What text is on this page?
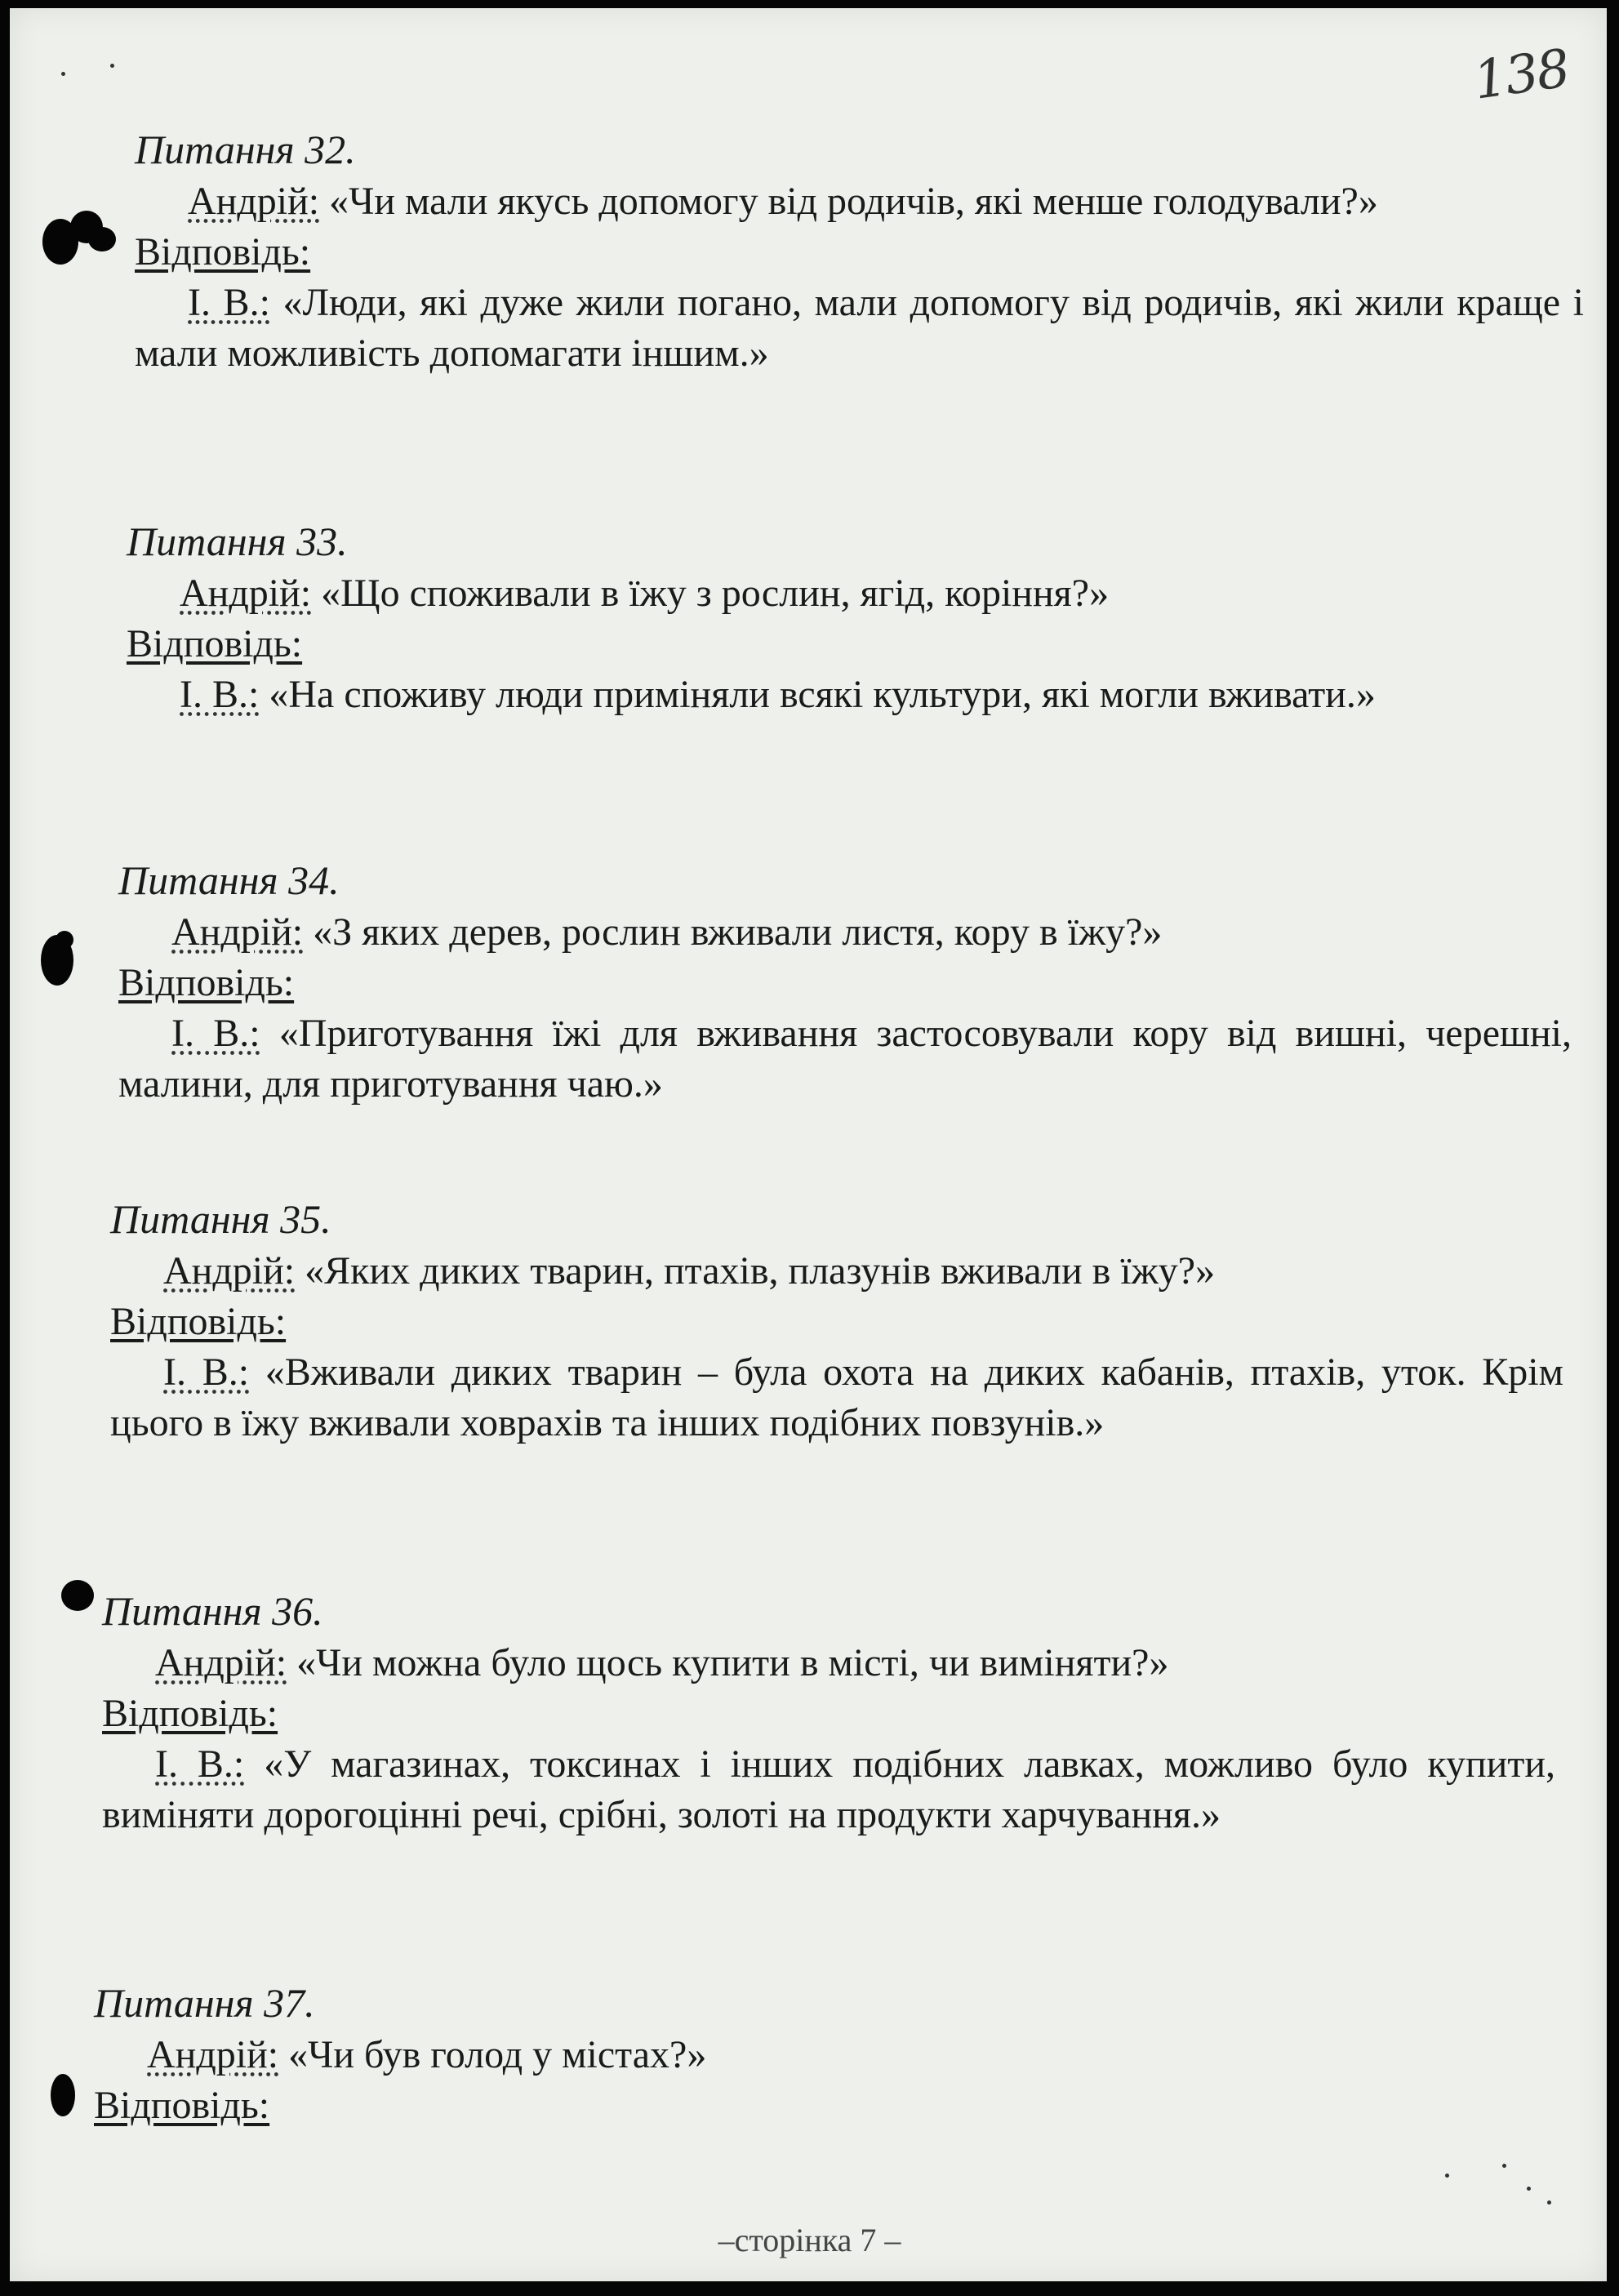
138

Питання 32.

Андрій: «Чи мали якусь допомогу від родичів, які менше голодували?»

Відповідь:

І. В.: «Люди, які дуже жили погано, мали допомогу від родичів, які жили краще і мали можливість допомагати іншим.»

Питання 33.

Андрій: «Що споживали в їжу з рослин, ягід, коріння?»

Відповідь:

І. В.: «На споживу люди приміняли всякі культури, які могли вживати.»

Питання 34.

Андрій: «З яких дерев, рослин вживали листя, кору в їжу?»

Відповідь:

І. В.: «Приготування їжі для вживання застосовували кору від вишні, черешні, малини, для приготування чаю.»

Питання 35.

Андрій: «Яких диких тварин, птахів, плазунів вживали в їжу?»

Відповідь:

І. В.: «Вживали диких тварин – була охота на диких кабанів, птахів, уток. Крім цього в їжу вживали ховрахів та інших подібних повзунів.»

Питання 36.

Андрій: «Чи можна було щось купити в місті, чи виміняти?»

Відповідь:

І. В.: «У магазинах, токсинах і інших подібних лавках, можливо було купити, виміняти дорогоцінні речі, срібні, золоті на продукти харчування.»

Питання 37.

Андрій: «Чи був голод у містах?»

Відповідь:

–сторінка 7 –
